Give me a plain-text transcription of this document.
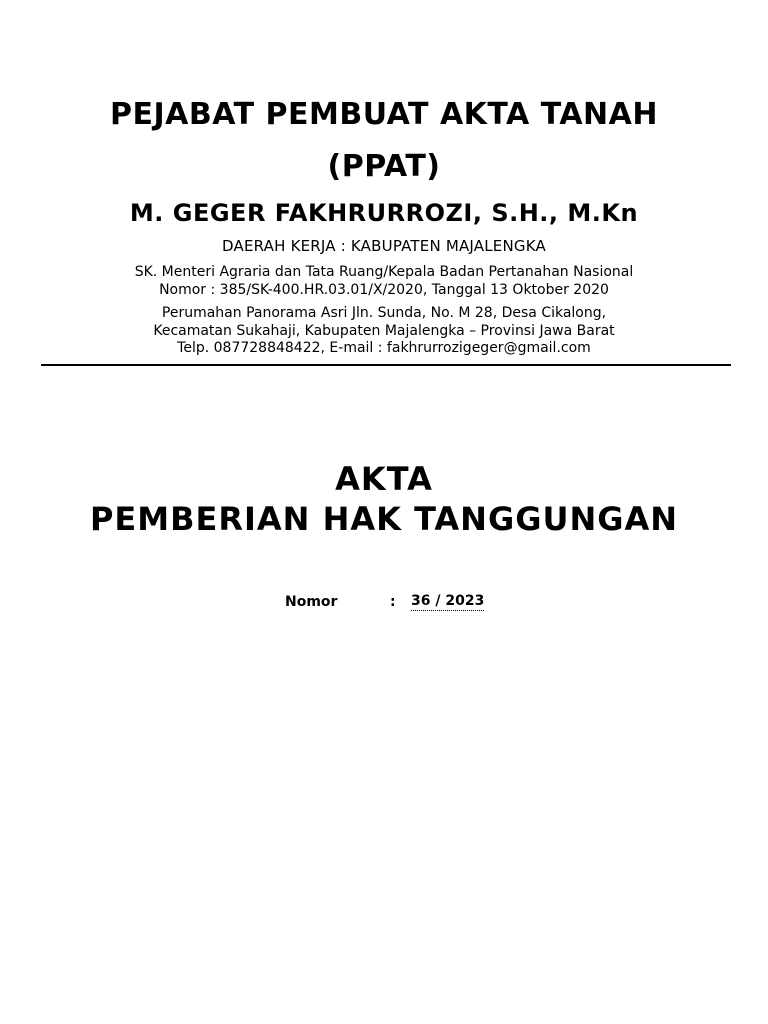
PEJABAT PEMBUAT AKTA TANAH
(PPAT)
M. GEGER FAKHRURROZI, S.H., M.Kn
DAERAH KERJA : KABUPATEN MAJALENGKA
SK. Menteri Agraria dan Tata Ruang/Kepala Badan Pertanahan Nasional
Nomor : 385/SK-400.HR.03.01/X/2020, Tanggal 13 Oktober 2020
Perumahan Panorama Asri Jln. Sunda, No. M 28, Desa Cikalong,
Kecamatan Sukahaji, Kabupaten Majalengka – Provinsi Jawa Barat
Telp. 087728848422, E-mail : fakhrurrozigeger@gmail.com
AKTA
PEMBERIAN HAK TANGGUNGAN
Nomor	: 36 / 2023
